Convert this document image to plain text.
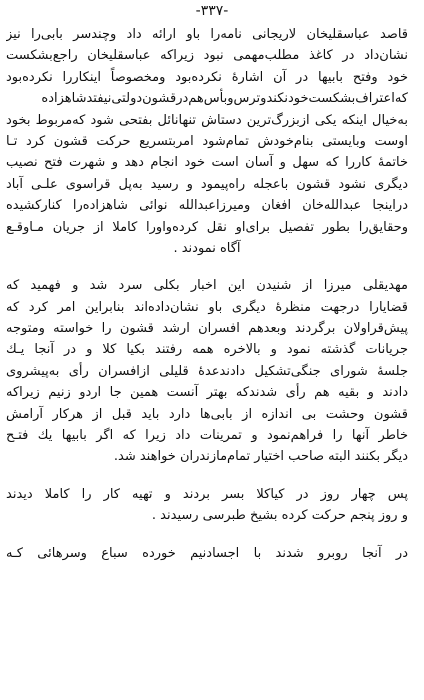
-٣٣٧-
قاصد عباسقلیخان لاریجانی نامه‌را باو ارائه داد وچندسر بابی‌را نیز
نشان‌داد در کاغذ مطلب‌مهمی نبود زیراکه عباسقلیخان راجع‌بشکست
خود وفتح بابیها در آن اشارهٔ نکرده‌بود ومخصوصاً اینکار‌را نکرده‌بود
که‌اعتراف‌بشکست‌خودنکندوترس‌و‌بأس‌هم‌درقشون‌دولتی‌نیفتدشاهزاده
به‌خیال اینکه یکی ازبزرگ‌ترین دستاش تنهانائل بفتحی شود که‌مربوط بخود
اوست وبایستی بنام‌خودش تمام‌شود امربتسریع حرکت قشون کرد تـا
خاتمهٔ کار‌را که سهل و آسان است خود انجام دهد و شهرت فتح نصیب
دیگری نشود قشون باعجله راه‌پیمود و رسید به‌پل قراسوی علـی آباد
دراینجا عبدالله‌خان افغان ومیرزاعبدالله نوائی شاهزاده‌را کنار‌کشیده
وحقایق‌را بطور تفصیل برای‌او نقل کرده‌واورا کاملا از جریان مـاوقـع
آگاه نمودند .
مهدیقلی میرزا از شنیدن این اخبار بکلی سرد شد و فهمید که
قضایا‌را درجهت منظرهٔ دیگری باو نشان‌داده‌اند بنابراین امر کرد که
پیش‌قراولان برگردند وبعدهم افسران ارشد قشون را خواسته ومتوجه
جریانات گذشته نمود و بالاخره همه رفتند بکیا کلا و در آنجا یـك
جلسهٔ شورای جنگی‌تشکیل دادندعدهٔ قلیلی ازافسران رأی به‌پیشروی
دادند و بقیه هم رأی شدندکه بهتر آنست همین جا اردو زنیم زیراکه
قشون وحشت بی اندازه از بابی‌ها دارد باید قبل از هرکار آرامش
خاطر آنها را فراهم‌نمود و تمرینات داد زیرا که اگر بابیها یك فتـح
دیگر بکنند البته صاحب اختیار تمام‌مازندران خواهند شد.
پس چهار روز در کیاکلا بسر بردند و تهیه کار را کاملا دیدند
و روز پنجم حرکت کرده بشیخ طبرسی رسیدند .
در آنجا روبرو شدند با اجساد‌نیم خورده سباع وسرهائی کـه
